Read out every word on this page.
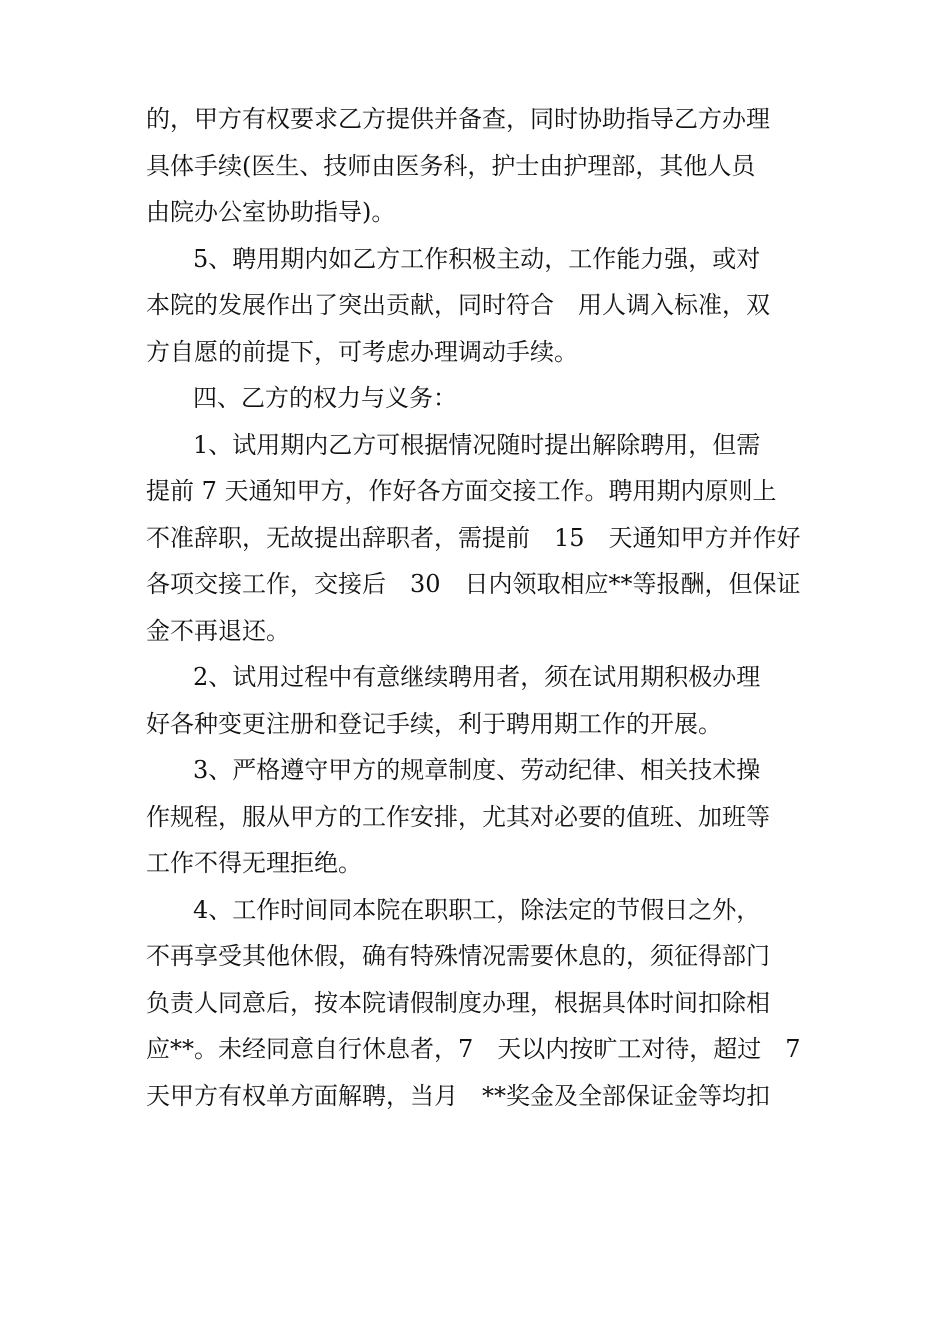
的，甲方有权要求乙方提供并备查，同时协助指导乙方办理
具体手续(医生、技师由医务科，护士由护理部，其他人员
由院办公室协助指导)。
5、聘用期内如乙方工作积极主动，工作能力强，或对
本院的发展作出了突出贡献，同时符合　用人调入标准，双
方自愿的前提下，可考虑办理调动手续。
四、乙方的权力与义务：
1、试用期内乙方可根据情况随时提出解除聘用，但需
提前 7 天通知甲方，作好各方面交接工作。聘用期内原则上
不准辞职，无故提出辞职者，需提前　15　天通知甲方并作好
各项交接工作，交接后　30　日内领取相应**等报酬，但保证
金不再退还。
2、试用过程中有意继续聘用者，须在试用期积极办理
好各种变更注册和登记手续，利于聘用期工作的开展。
3、严格遵守甲方的规章制度、劳动纪律、相关技术操
作规程，服从甲方的工作安排，尤其对必要的值班、加班等
工作不得无理拒绝。
4、工作时间同本院在职职工，除法定的节假日之外，
不再享受其他休假，确有特殊情况需要休息的，须征得部门
负责人同意后，按本院请假制度办理，根据具体时间扣除相
应**。未经同意自行休息者，7　天以内按旷工对待，超过　7
天甲方有权单方面解聘，当月　**奖金及全部保证金等均扣
